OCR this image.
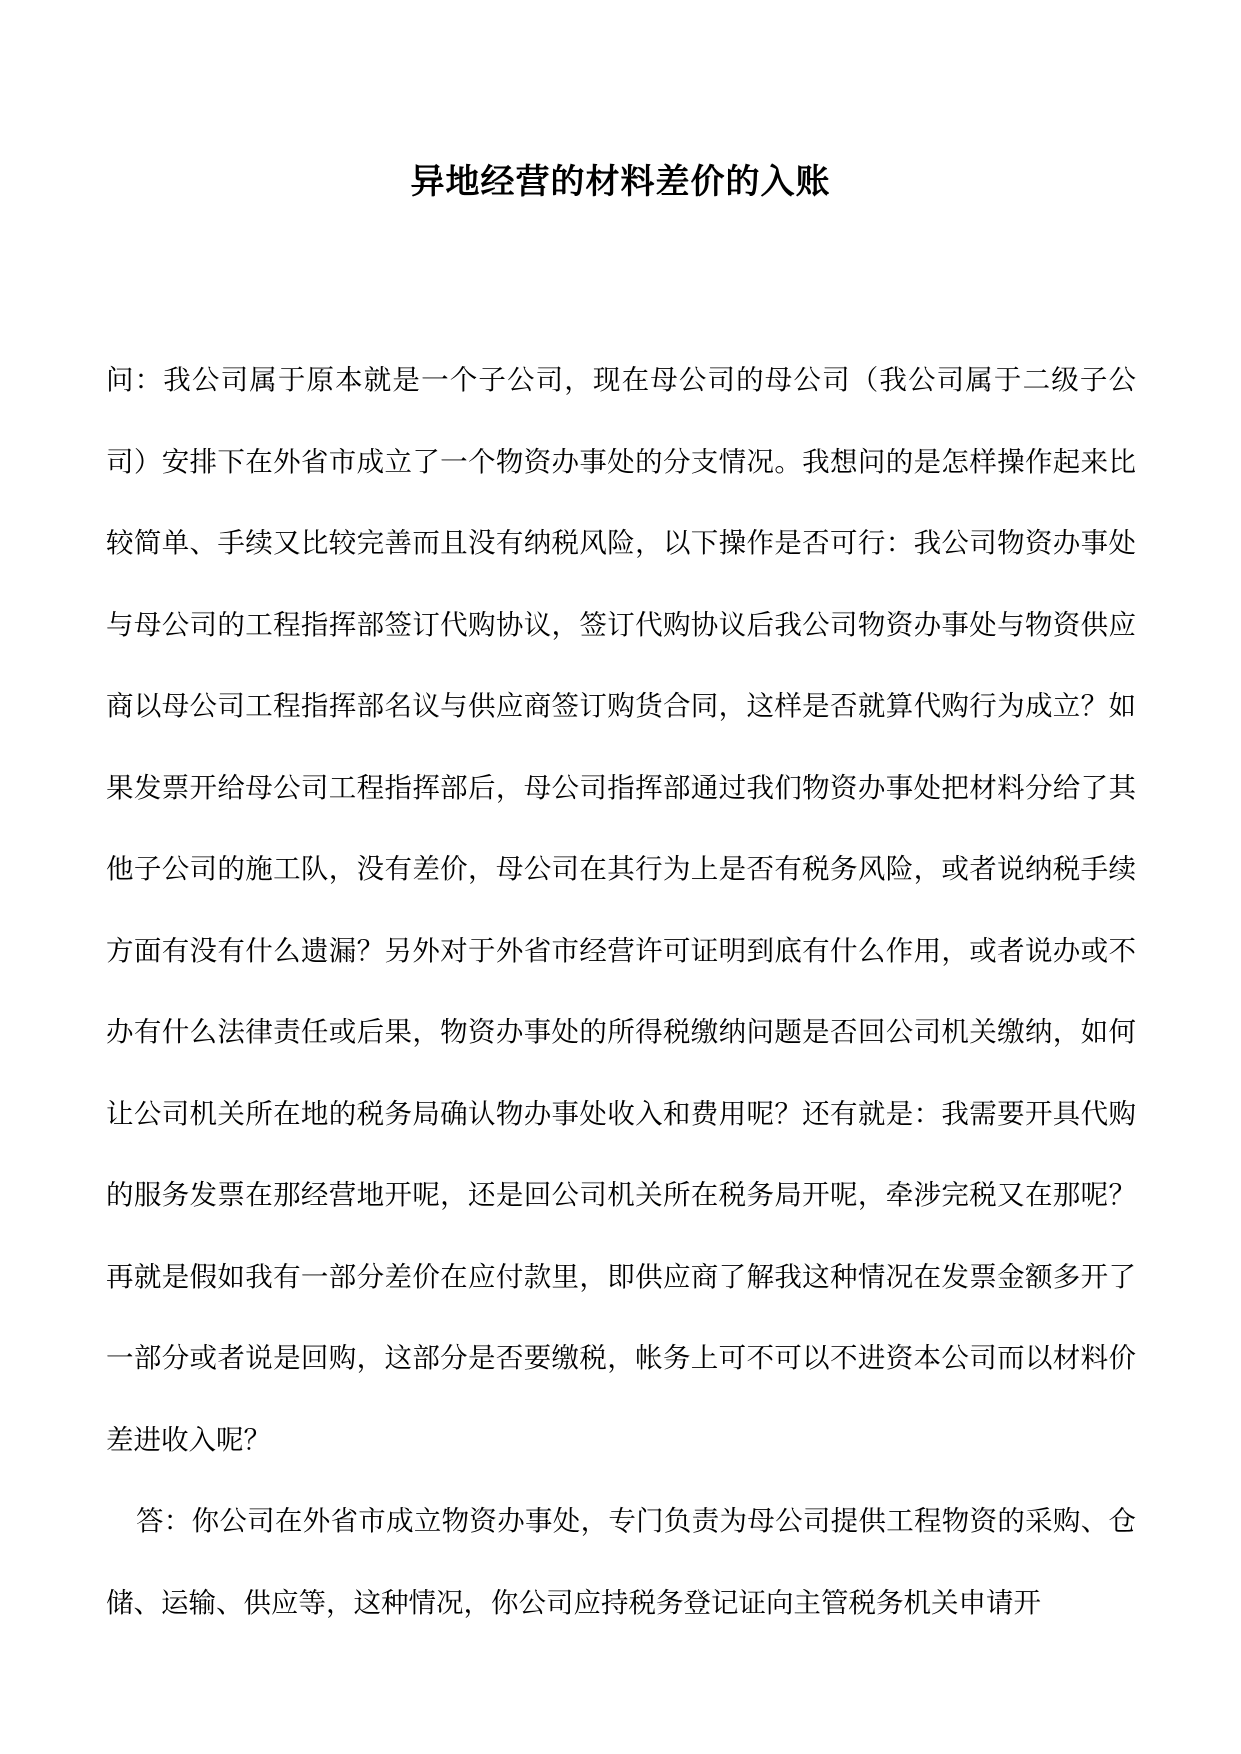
异地经营的材料差价的入账

问：我公司属于原本就是一个子公司，现在母公司的母公司（我公司属于二级子公司）安排下在外省市成立了一个物资办事处的分支情况。我想问的是怎样操作起来比较简单、手续又比较完善而且没有纳税风险，以下操作是否可行：我公司物资办事处与母公司的工程指挥部签订代购协议，签订代购协议后我公司物资办事处与物资供应商以母公司工程指挥部名议与供应商签订购货合同，这样是否就算代购行为成立？如果发票开给母公司工程指挥部后，母公司指挥部通过我们物资办事处把材料分给了其他子公司的施工队，没有差价，母公司在其行为上是否有税务风险，或者说纳税手续方面有没有什么遗漏？另外对于外省市经营许可证明到底有什么作用，或者说办或不办有什么法律责任或后果，物资办事处的所得税缴纳问题是否回公司机关缴纳，如何让公司机关所在地的税务局确认物办事处收入和费用呢？还有就是：我需要开具代购的服务发票在那经营地开呢，还是回公司机关所在税务局开呢，牵涉完税又在那呢？再就是假如我有一部分差价在应付款里，即供应商了解我这种情况在发票金额多开了一部分或者说是回购，这部分是否要缴税，帐务上可不可以不进资本公司而以材料价差进收入呢？

答：你公司在外省市成立物资办事处，专门负责为母公司提供工程物资的采购、仓储、运输、供应等，这种情况，你公司应持税务登记证向主管税务机关申请开
